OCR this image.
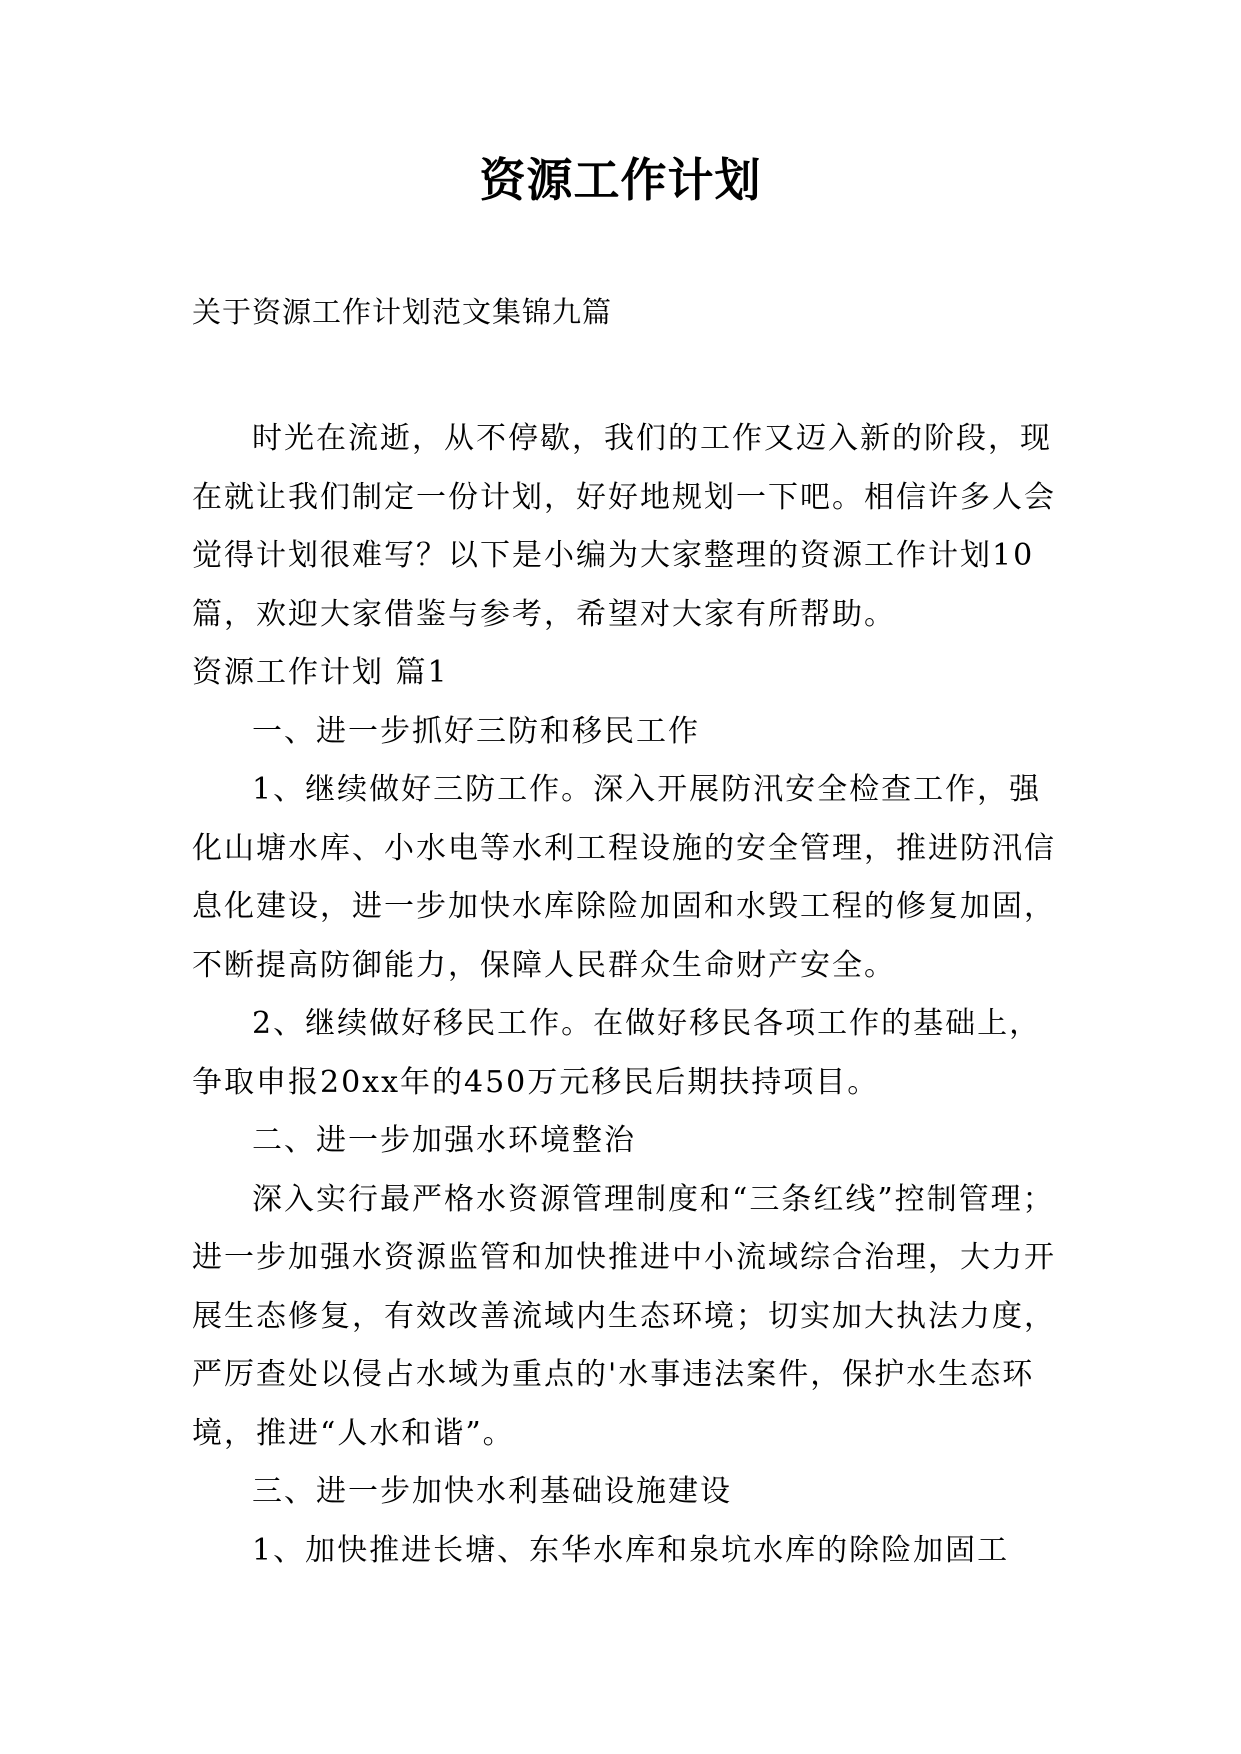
资源工作计划
关于资源工作计划范文集锦九篇

时光在流逝，从不停歇，我们的工作又迈入新的阶段，现在就让我们制定一份计划，好好地规划一下吧。相信许多人会觉得计划很难写？以下是小编为大家整理的资源工作计划10篇，欢迎大家借鉴与参考，希望对大家有所帮助。

资源工作计划 篇1

一、进一步抓好三防和移民工作

1、继续做好三防工作。深入开展防汛安全检查工作，强化山塘水库、小水电等水利工程设施的安全管理，推进防汛信息化建设，进一步加快水库除险加固和水毁工程的修复加固，不断提高防御能力，保障人民群众生命财产安全。

2、继续做好移民工作。在做好移民各项工作的基础上，争取申报20xx年的450万元移民后期扶持项目。

二、进一步加强水环境整治

深入实行最严格水资源管理制度和“三条红线”控制管理；进一步加强水资源监管和加快推进中小流域综合治理，大力开展生态修复，有效改善流域内生态环境；切实加大执法力度，严厉查处以侵占水域为重点的'水事违法案件，保护水生态环境，推进“人水和谐”。

三、进一步加快水利基础设施建设

1、加快推进长塘、东华水库和泉坑水库的除险加固工
